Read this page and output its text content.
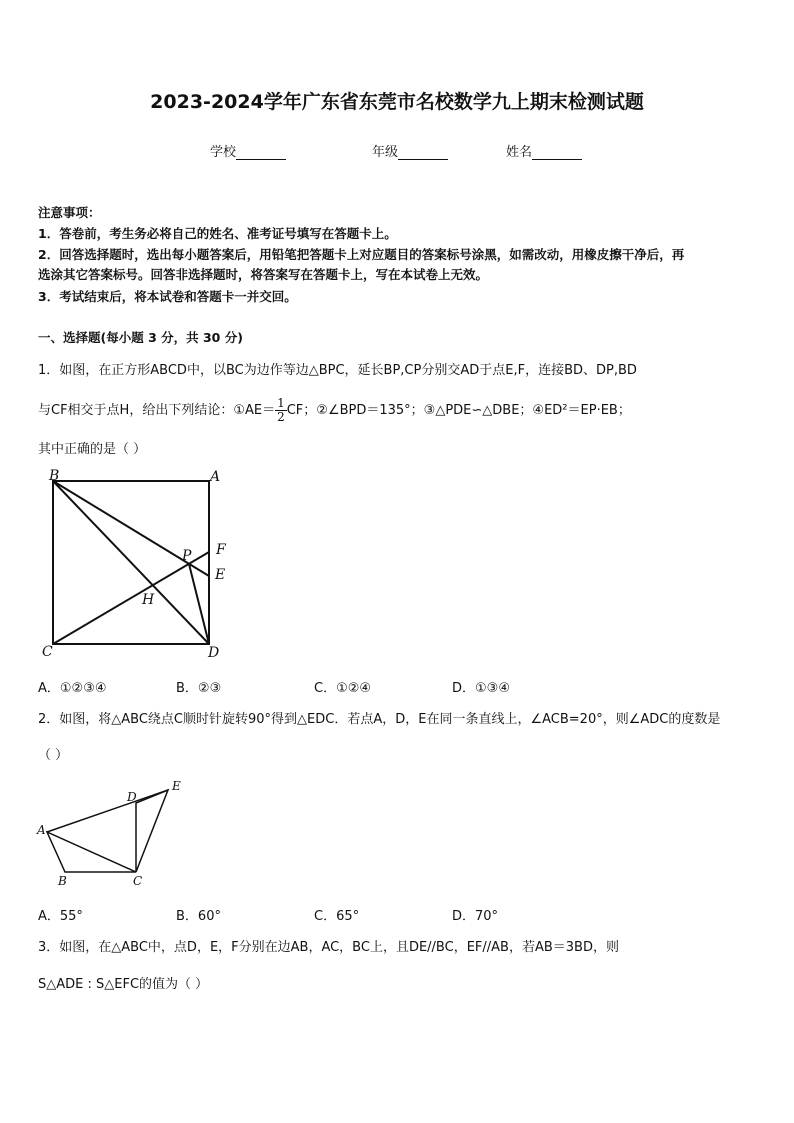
2023-2024学年广东省东莞市名校数学九上期末检测试题
学校	年级	姓名
注意事项：
1．答卷前，考生务必将自己的姓名、准考证号填写在答题卡上。
2．回答选择题时，选出每小题答案后，用铅笔把答题卡上对应题目的答案标号涂黑，如需改动，用橡皮擦干净后，再
选涂其它答案标号。回答非选择题时，将答案写在答题卡上，写在本试卷上无效。
3．考试结束后，将本试卷和答题卡一并交回。
一、选择题(每小题 3 分，共 30 分)
1．如图，在正方形ABCD中，以BC为边作等边△BPC，延长BP,CP分别交AD于点E,F，连接BD、DP,BD
与CF相交于点H，给出下列结论：①AE＝ $\frac{1}{2}$ CF；②∠BPD＝135°；③△PDE∽△DBE；④ED²＝EP·EB；
其中正确的是（ ）
B	A
C	D
P F
E
H
A．①②③④	B．②③	C．①②④	D．①③④
2．如图，将△ABC绕点C顺时针旋转90°得到△EDC．若点A，D，E在同一条直线上，∠ACB=20°，则∠ADC的度数是
（ ）
A
B	C
D
E
A．55°	B．60°	C．65°	D．70°
3．如图，在△ABC中，点D，E，F分别在边AB，AC，BC上，且DE//BC，EF//AB，若AB＝3BD，则
S△ADE : S△EFC的值为（ ）
